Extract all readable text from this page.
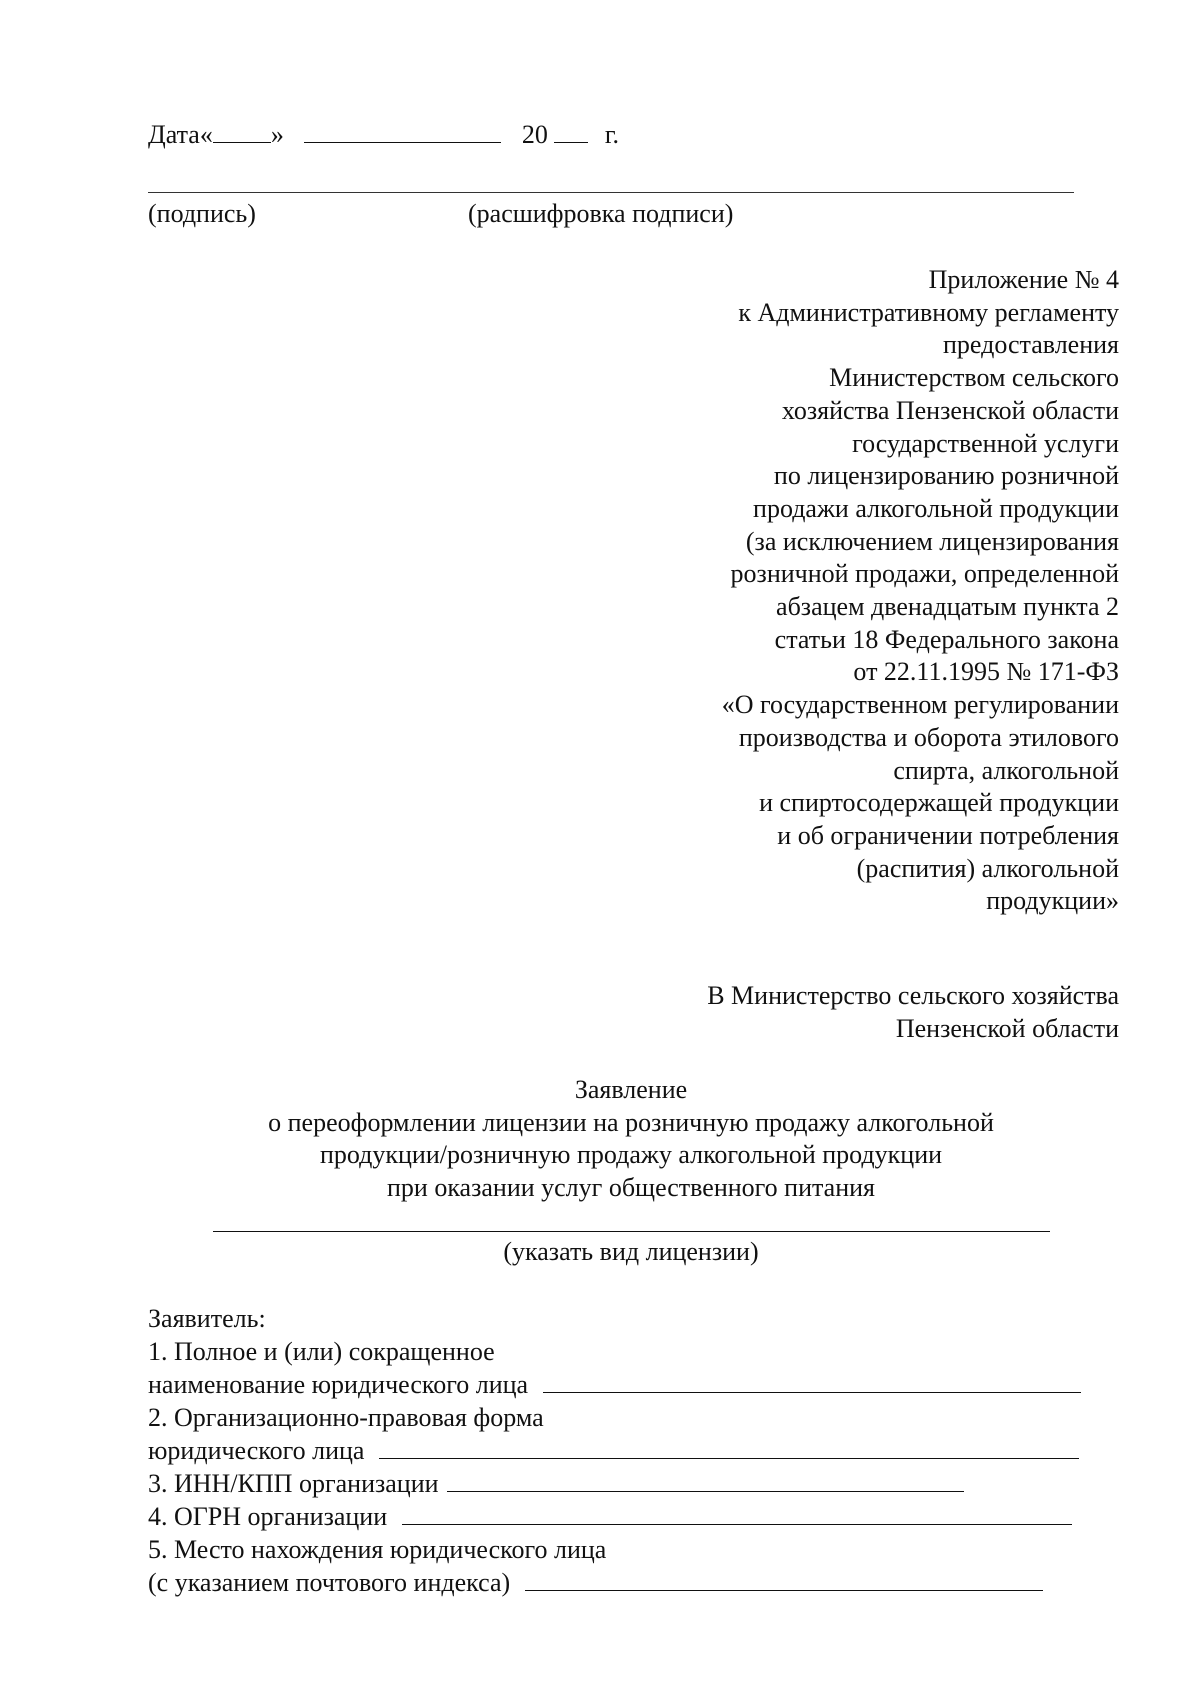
Дата« »	20 г.
(подпись)	(расшифровка подписи)
Приложение № 4
к Административному регламенту
предоставления
Министерством сельского
хозяйства Пензенской области
государственной услуги
по лицензированию розничной
продажи алкогольной продукции
(за исключением лицензирования
розничной продажи, определенной
абзацем двенадцатым пункта 2
статьи 18 Федерального закона
от 22.11.1995 № 171-ФЗ
«О государственном регулировании
производства и оборота этилового
спирта, алкогольной
и спиртосодержащей продукции
и об ограничении потребления
(распития) алкогольной
продукции»
В Министерство сельского хозяйства
Пензенской области
Заявление
о переоформлении лицензии на розничную продажу алкогольной
продукции/розничную продажу алкогольной продукции
при оказании услуг общественного питания
(указать вид лицензии)
Заявитель:
1. Полное и (или) сокращенное
наименование юридического лица
2. Организационно-правовая форма
юридического лица
3. ИНН/КПП организации
4. ОГРН организации
5. Место нахождения юридического лица
(с указанием почтового индекса)
